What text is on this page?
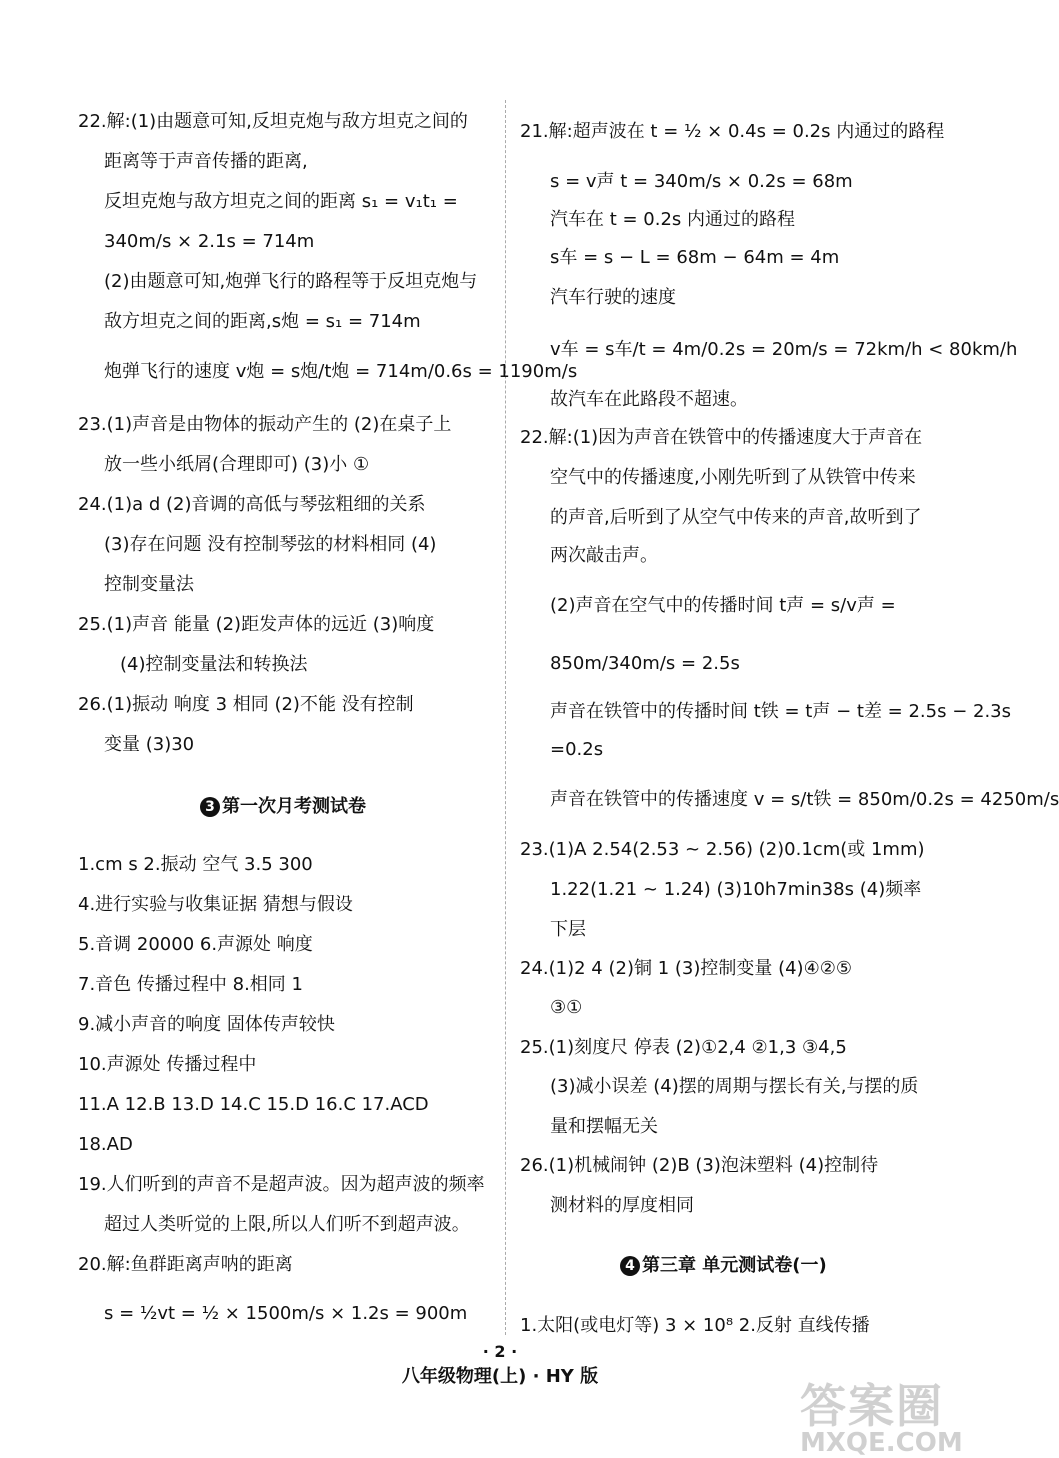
22.解:(1)由题意可知,反坦克炮与敌方坦克之间的
距离等于声音传播的距离,
反坦克炮与敌方坦克之间的距离 s₁ = v₁t₁ =
340m/s × 2.1s = 714m
(2)由题意可知,炮弹飞行的路程等于反坦克炮与
敌方坦克之间的距离,s炮 = s₁ = 714m
炮弹飞行的速度 v炮 = s炮/t炮 = 714m/0.6s = 1190m/s
23.(1)声音是由物体的振动产生的 (2)在桌子上
放一些小纸屑(合理即可) (3)小 ①
24.(1)a d (2)音调的高低与琴弦粗细的关系
(3)存在问题 没有控制琴弦的材料相同 (4)
控制变量法
25.(1)声音 能量 (2)距发声体的远近 (3)响度
(4)控制变量法和转换法
26.(1)振动 响度 3 相同 (2)不能 没有控制
变量 (3)30
3 第一次月考测试卷
1.cm s 2.振动 空气 3.5 300
4.进行实验与收集证据 猜想与假设
5.音调 20000 6.声源处 响度
7.音色 传播过程中 8.相同 1
9.减小声音的响度 固体传声较快
10.声源处 传播过程中
11.A 12.B 13.D 14.C 15.D 16.C 17.ACD
18.AD
19.人们听到的声音不是超声波。因为超声波的频率
超过人类听觉的上限,所以人们听不到超声波。
20.解:鱼群距离声呐的距离
s = ½vt = ½ × 1500m/s × 1.2s = 900m
21.解:超声波在 t = ½ × 0.4s = 0.2s 内通过的路程
s = v声 t = 340m/s × 0.2s = 68m
汽车在 t = 0.2s 内通过的路程
s车 = s − L = 68m − 64m = 4m
汽车行驶的速度
v车 = s车/t = 4m/0.2s = 20m/s = 72km/h < 80km/h
故汽车在此路段不超速。
22.解:(1)因为声音在铁管中的传播速度大于声音在
空气中的传播速度,小刚先听到了从铁管中传来
的声音,后听到了从空气中传来的声音,故听到了
两次敲击声。
(2)声音在空气中的传播时间 t声 = s/v声 =
850m/340m/s = 2.5s
声音在铁管中的传播时间 t铁 = t声 − t差 = 2.5s − 2.3s
=0.2s
声音在铁管中的传播速度 v = s/t铁 = 850m/0.2s = 4250m/s
23.(1)A 2.54(2.53 ~ 2.56) (2)0.1cm(或 1mm)
1.22(1.21 ~ 1.24) (3)10h7min38s (4)频率
下层
24.(1)2 4 (2)铜 1 (3)控制变量 (4)④②⑤
③①
25.(1)刻度尺 停表 (2)①2,4 ②1,3 ③4,5
(3)减小误差 (4)摆的周期与摆长有关,与摆的质
量和摆幅无关
26.(1)机械闹钟 (2)B (3)泡沫塑料 (4)控制待
测材料的厚度相同
4 第三章 单元测试卷(一)
1.太阳(或电灯等) 3 × 10⁸ 2.反射 直线传播
· 2 ·
八年级物理(上) · HY 版
答案圈
MXQE.COM
